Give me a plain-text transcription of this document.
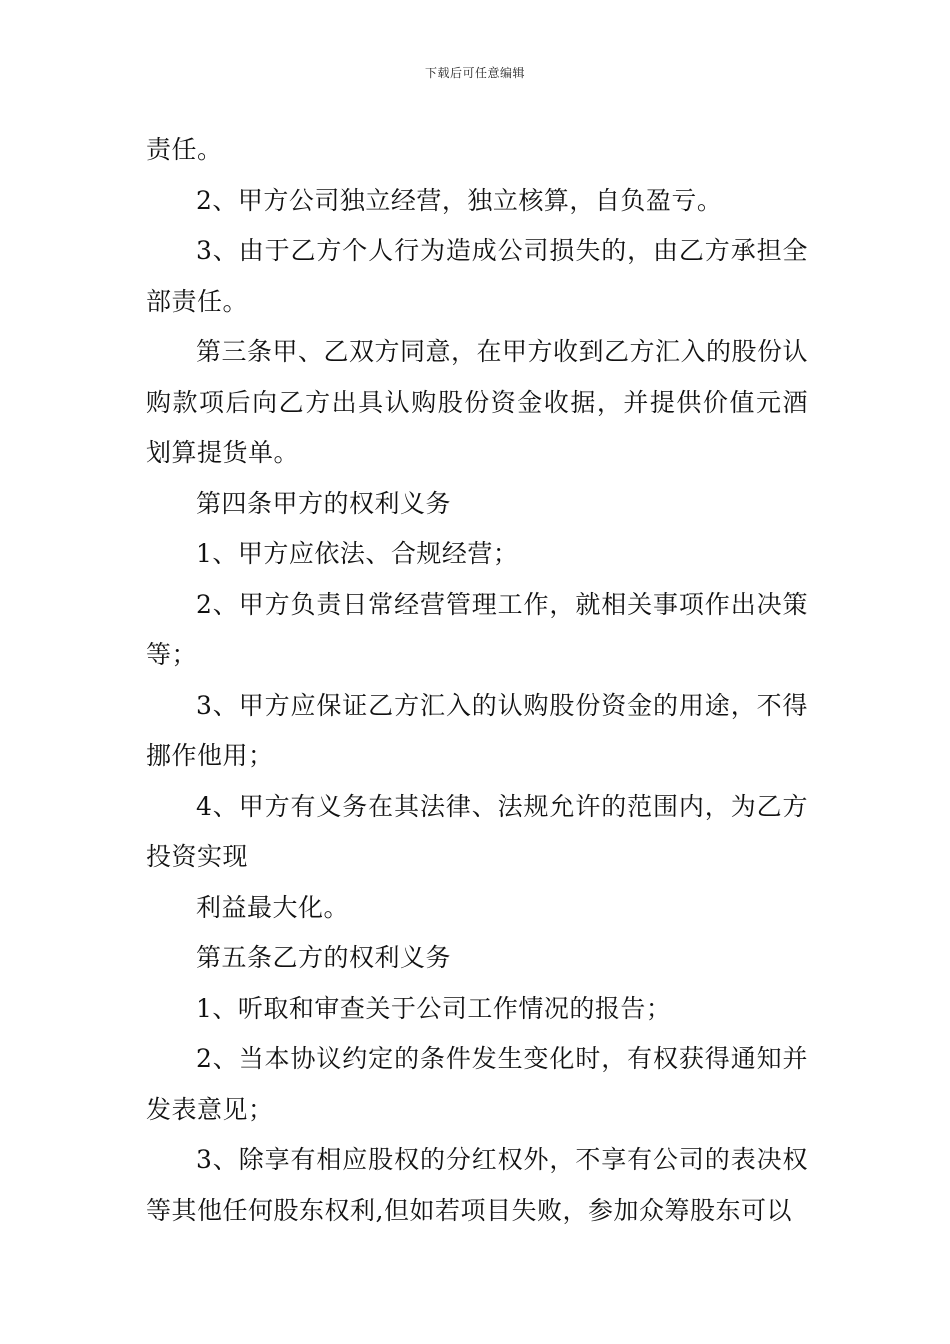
下载后可任意编辑

责任。

2、甲方公司独立经营，独立核算，自负盈亏。

3、由于乙方个人行为造成公司损失的，由乙方承担全部责任。

第三条甲、乙双方同意，在甲方收到乙方汇入的股份认购款项后向乙方出具认购股份资金收据，并提供价值元酒划算提货单。

第四条甲方的权利义务

1、甲方应依法、合规经营；

2、甲方负责日常经营管理工作，就相关事项作出决策等；

3、甲方应保证乙方汇入的认购股份资金的用途，不得挪作他用；

4、甲方有义务在其法律、法规允许的范围内，为乙方投资实现

利益最大化。

第五条乙方的权利义务

1、听取和审查关于公司工作情况的报告；

2、当本协议约定的条件发生变化时，有权获得通知并发表意见；

3、除享有相应股权的分红权外，不享有公司的表决权等其他任何股东权利,但如若项目失败，参加众筹股东可以
